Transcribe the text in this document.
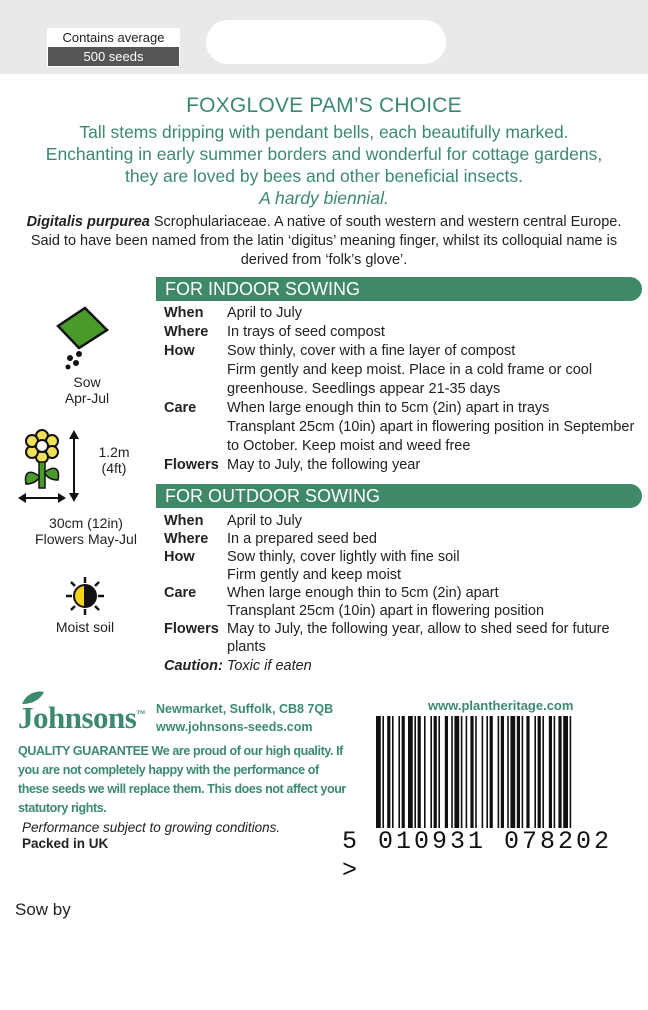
Contains average
500 seeds
FOXGLOVE PAM’S CHOICE
Tall stems dripping with pendant bells, each beautifully marked. Enchanting in early summer borders and wonderful for cottage gardens, they are loved by bees and other beneficial insects.
A hardy biennial.
Digitalis purpurea Scrophulariaceae. A native of south western and western central Europe. Said to have been named from the latin ‘digitus’ meaning finger, whilst its colloquial name is derived from ‘folk’s glove’.
FOR INDOOR SOWING
When	April to July
Where	In trays of seed compost
How	Sow thinly, cover with a fine layer of compost
Firm gently and keep moist. Place in a cold frame or cool greenhouse. Seedlings appear 21-35 days
Care	When large enough thin to 5cm (2in) apart in trays
Transplant 25cm (10in) apart in flowering position in September to October. Keep moist and weed free
Flowers May to July, the following year
FOR OUTDOOR SOWING
When	April to July
Where	In a prepared seed bed
How	Sow thinly, cover lightly with fine soil
Firm gently and keep moist
Care	When large enough thin to 5cm (2in) apart
Transplant 25cm (10in) apart in flowering position
Flowers May to July, the following year, allow to shed seed for future plants
Caution: Toxic if eaten
Sow
Apr-Jul
1.2m
(4ft)
30cm (12in)
Flowers May-Jul
Moist soil
Johnsons™ Newmarket, Suffolk, CB8 7QB
www.johnsons-seeds.com
www.plantheritage.com
QUALITY GUARANTEE We are proud of our high quality. If you are not completely happy with the performance of these seeds we will replace them. This does not affect your statutory rights.
Performance subject to growing conditions.
Packed in UK
Sow by
5 010931 078202 >
